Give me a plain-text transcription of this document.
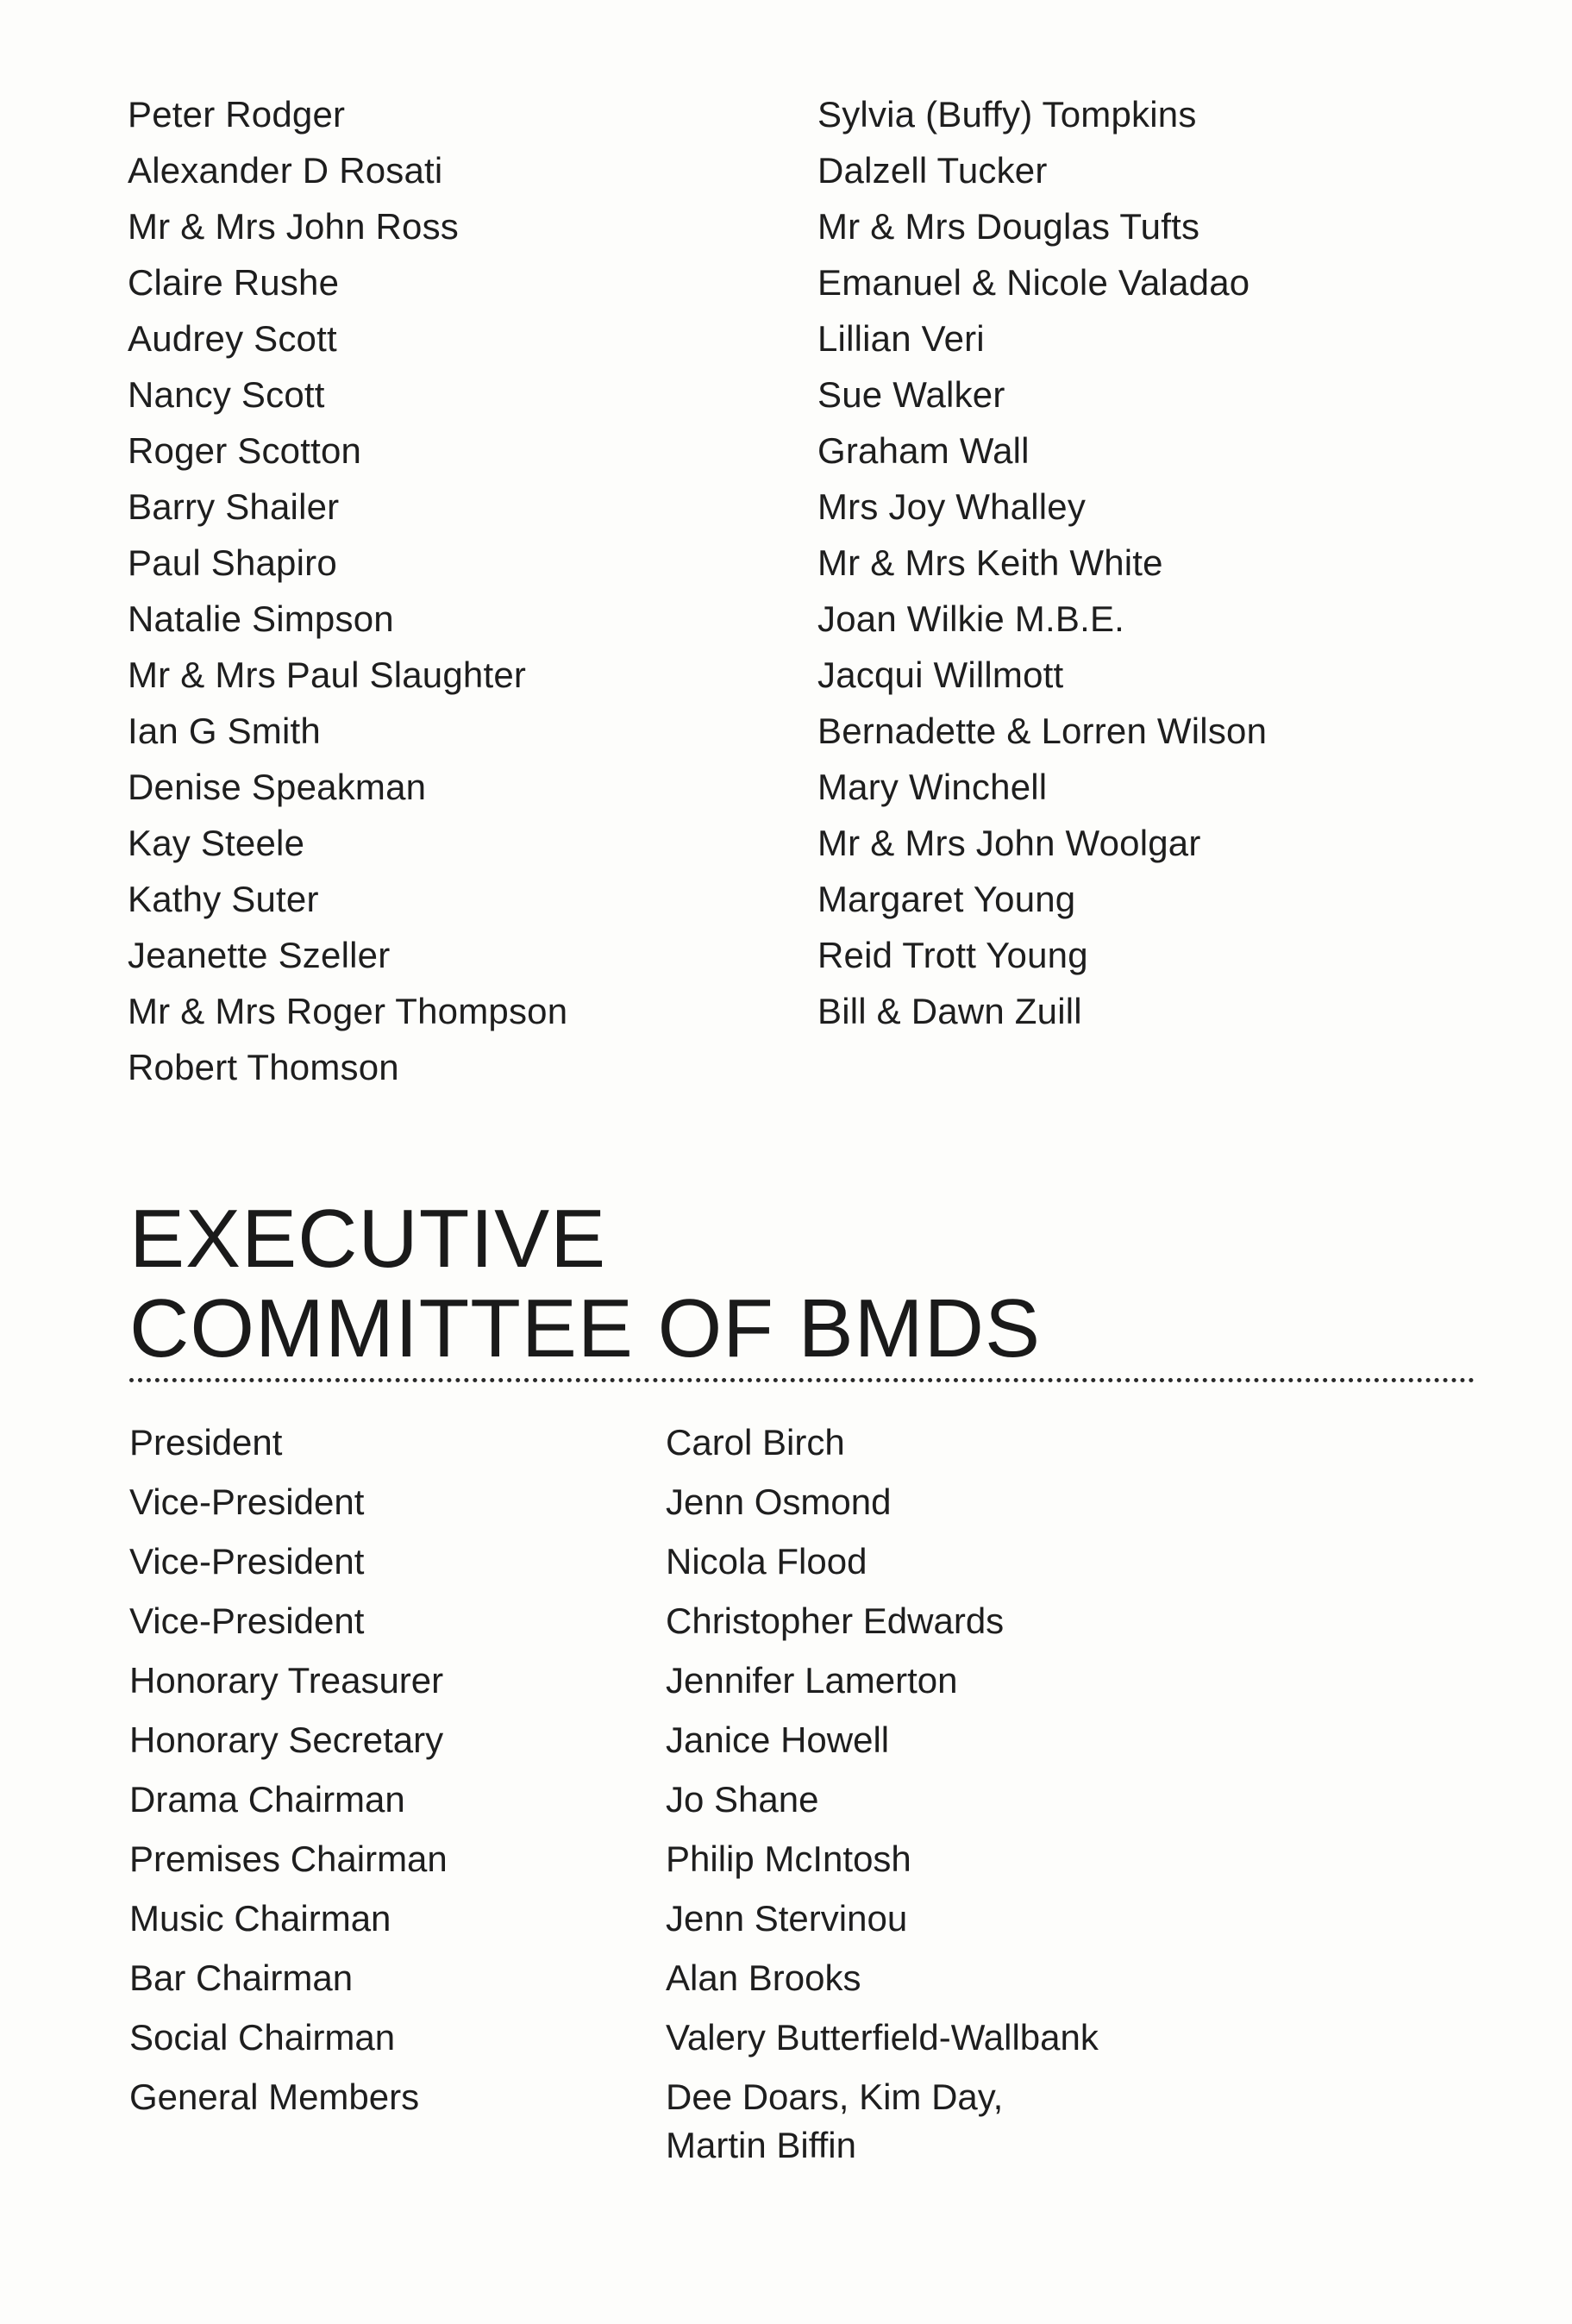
Peter Rodger
Alexander D Rosati
Mr & Mrs John Ross
Claire Rushe
Audrey Scott
Nancy Scott
Roger Scotton
Barry Shailer
Paul Shapiro
Natalie Simpson
Mr & Mrs Paul Slaughter
Ian G Smith
Denise Speakman
Kay Steele
Kathy Suter
Jeanette Szeller
Mr & Mrs Roger Thompson
Robert Thomson
Sylvia (Buffy) Tompkins
Dalzell Tucker
Mr & Mrs Douglas Tufts
Emanuel & Nicole Valadao
Lillian Veri
Sue Walker
Graham Wall
Mrs Joy Whalley
Mr & Mrs Keith White
Joan Wilkie M.B.E.
Jacqui Willmott
Bernadette & Lorren Wilson
Mary Winchell
Mr & Mrs John Woolgar
Margaret Young
Reid Trott Young
Bill & Dawn Zuill
EXECUTIVE
COMMITTEE OF BMDS
President	Carol Birch
Vice-President	Jenn Osmond
Vice-President	Nicola Flood
Vice-President	Christopher Edwards
Honorary Treasurer	Jennifer Lamerton
Honorary Secretary	Janice Howell
Drama Chairman	Jo Shane
Premises Chairman	Philip McIntosh
Music Chairman	Jenn Stervinou
Bar Chairman	Alan Brooks
Social Chairman	Valery Butterfield-Wallbank
General Members	Dee Doars, Kim Day,
Martin Biffin
